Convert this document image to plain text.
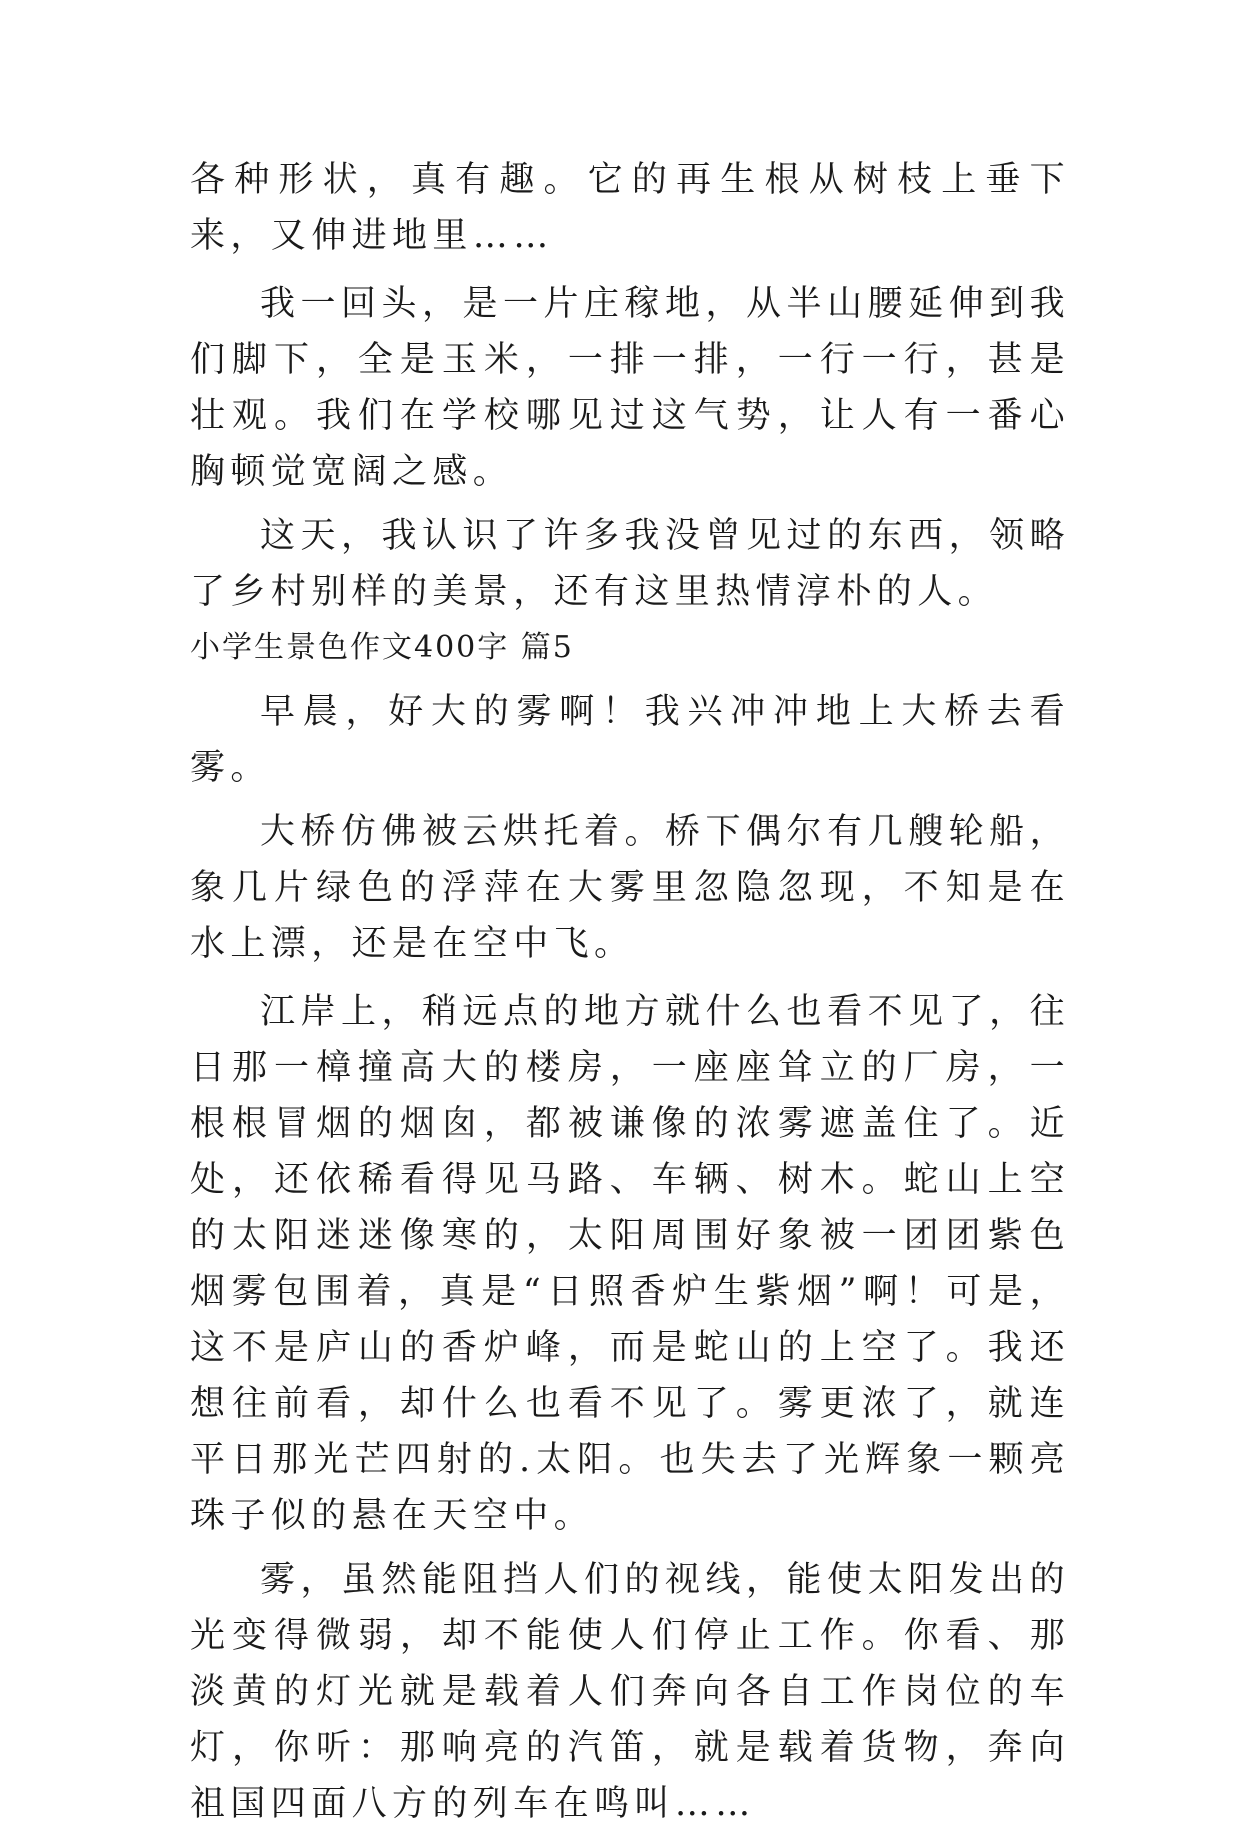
各种形状，真有趣。它的再生根从树枝上垂下来，又伸进地里……

我一回头，是一片庄稼地，从半山腰延伸到我们脚下，全是玉米，一排一排，一行一行，甚是壮观。我们在学校哪见过这气势，让人有一番心胸顿觉宽阔之感。

这天，我认识了许多我没曾见过的东西，领略了乡村别样的美景，还有这里热情淳朴的人。

小学生景色作文400字 篇5

早晨，好大的雾啊！我兴冲冲地上大桥去看雾。

大桥仿佛被云烘托着。桥下偶尔有几艘轮船，象几片绿色的浮萍在大雾里忽隐忽现，不知是在水上漂，还是在空中飞。

江岸上，稍远点的地方就什么也看不见了，往日那一樟撞高大的楼房，一座座耸立的厂房，一根根冒烟的烟囱，都被谦像的浓雾遮盖住了。近处，还依稀看得见马路、车辆、树木。蛇山上空的太阳迷迷像寒的，太阳周围好象被一团团紫色烟雾包围着，真是“日照香炉生紫烟”啊！可是，这不是庐山的香炉峰，而是蛇山的上空了。我还想往前看，却什么也看不见了。雾更浓了，就连平日那光芒四射的.太阳。也失去了光辉象一颗亮珠子似的悬在天空中。

雾，虽然能阻挡人们的视线，能使太阳发出的光变得微弱，却不能使人们停止工作。你看、那淡黄的灯光就是载着人们奔向各自工作岗位的车灯，你听：那响亮的汽笛，就是载着货物，奔向祖国四面八方的列车在鸣叫……
